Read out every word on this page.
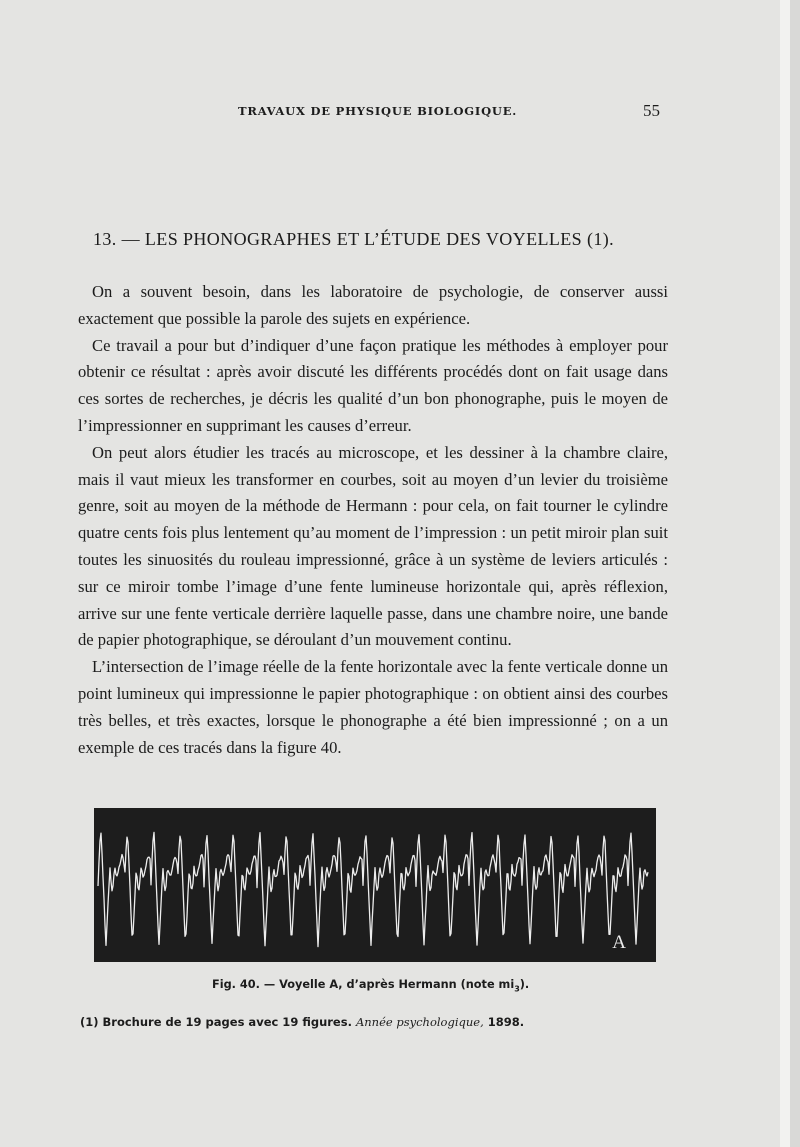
TRAVAUX DE PHYSIQUE BIOLOGIQUE.	55
13. — LES PHONOGRAPHES ET L’ÉTUDE DES VOYELLES (1).

On a souvent besoin, dans les laboratoire de psychologie, de conserver aussi exactement que possible la parole des sujets en expérience.

Ce travail a pour but d’indiquer d’une façon pratique les méthodes à employer pour obtenir ce résultat : après avoir discuté les différents procédés dont on fait usage dans ces sortes de recherches, je décris les qualité d’un bon phonographe, puis le moyen de l’impressionner en supprimant les causes d’erreur.

On peut alors étudier les tracés au microscope, et les dessiner à la chambre claire, mais il vaut mieux les transformer en courbes, soit au moyen d’un levier du troisième genre, soit au moyen de la méthode de Hermann : pour cela, on fait tourner le cylindre quatre cents fois plus lentement qu’au moment de l’impression : un petit miroir plan suit toutes les sinuosités du rouleau impressionné, grâce à un système de leviers articulés : sur ce miroir tombe l’image d’une fente lumineuse horizontale qui, après réflexion, arrive sur une fente verticale derrière laquelle passe, dans une chambre noire, une bande de papier photographique, se déroulant d’un mouvement continu.

L’intersection de l’image réelle de la fente horizontale avec la fente verticale donne un point lumineux qui impressionne le papier photographique : on obtient ainsi des courbes très belles, et très exactes, lorsque le phonographe a été bien impressionné ; on a un exemple de ces tracés dans la figure 40.

A
Fig. 40. — Voyelle A, d’après Hermann (note $mi_3$).
(1) Brochure de 19 pages avec 19 figures. Année psychologique, 1898.
